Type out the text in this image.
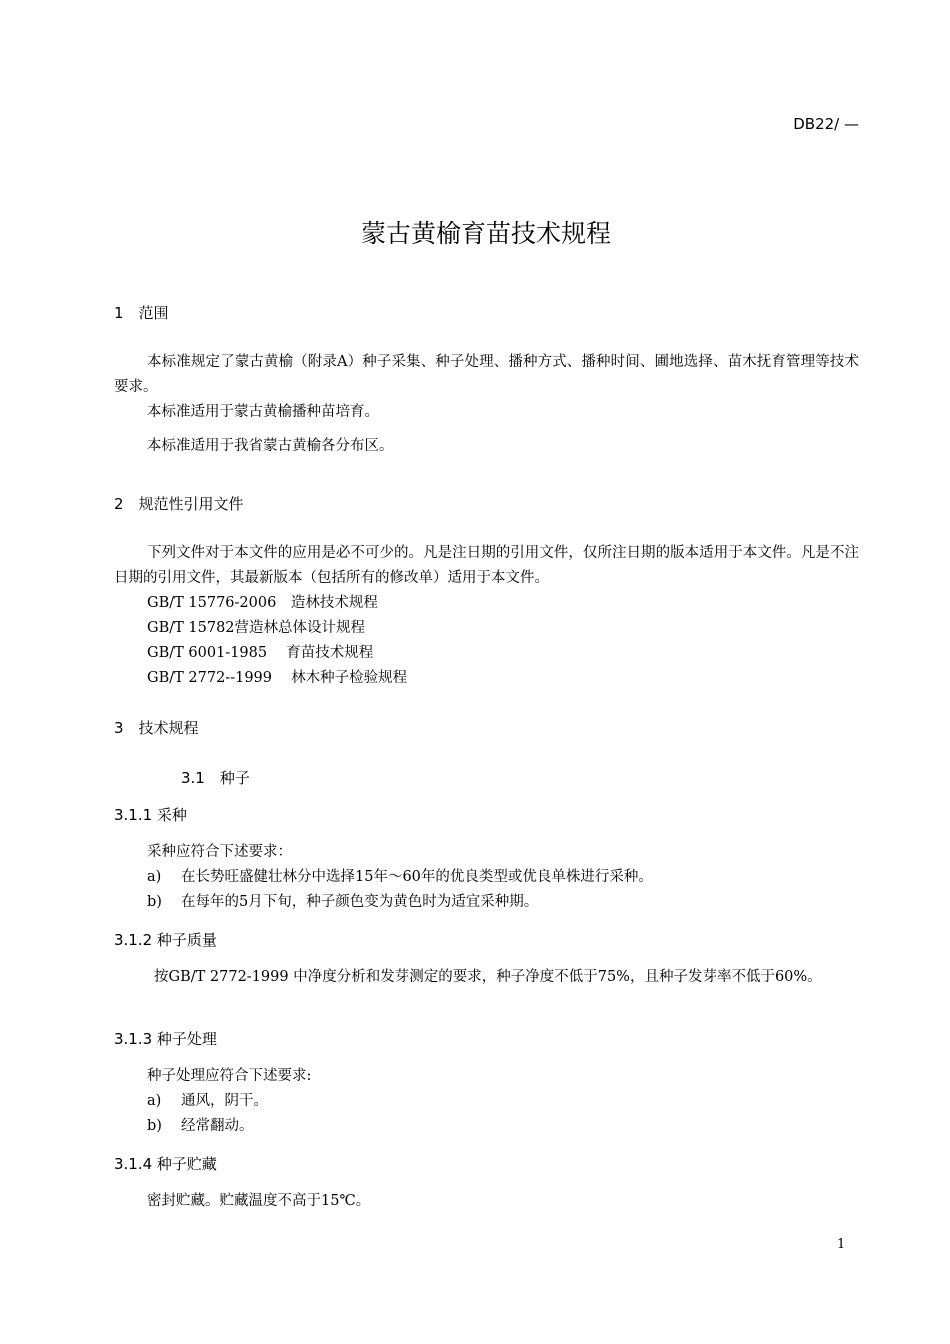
DB22/ —
蒙古黄榆育苗技术规程
1　范围
本标准规定了蒙古黄榆（附录A）种子采集、种子处理、播种方式、播种时间、圃地选择、苗木抚育管理等技术要求。
本标准适用于蒙古黄榆播种苗培育。
本标准适用于我省蒙古黄榆各分布区。
2　规范性引用文件
下列文件对于本文件的应用是必不可少的。凡是注日期的引用文件，仅所注日期的版本适用于本文件。凡是不注日期的引用文件，其最新版本（包括所有的修改单）适用于本文件。
GB/T 15776-2006　造林技术规程
GB/T 15782营造林总体设计规程
GB/T 6001-1985 　育苗技术规程
GB/T 2772--1999 　林木种子检验规程
3　技术规程
3.1　种子
3.1.1 采种
采种应符合下述要求：
a) 在长势旺盛健壮林分中选择15年～60年的优良类型或优良单株进行采种。
b) 在每年的5月下旬，种子颜色变为黄色时为适宜采种期。
3.1.2 种子质量
按GB/T 2772-1999 中净度分析和发芽测定的要求，种子净度不低于75%，且种子发芽率不低于60%。
3.1.3 种子处理
种子处理应符合下述要求:
a) 通风，阴干。
b) 经常翻动。
3.1.4 种子贮藏
密封贮藏。贮藏温度不高于15℃。
1
